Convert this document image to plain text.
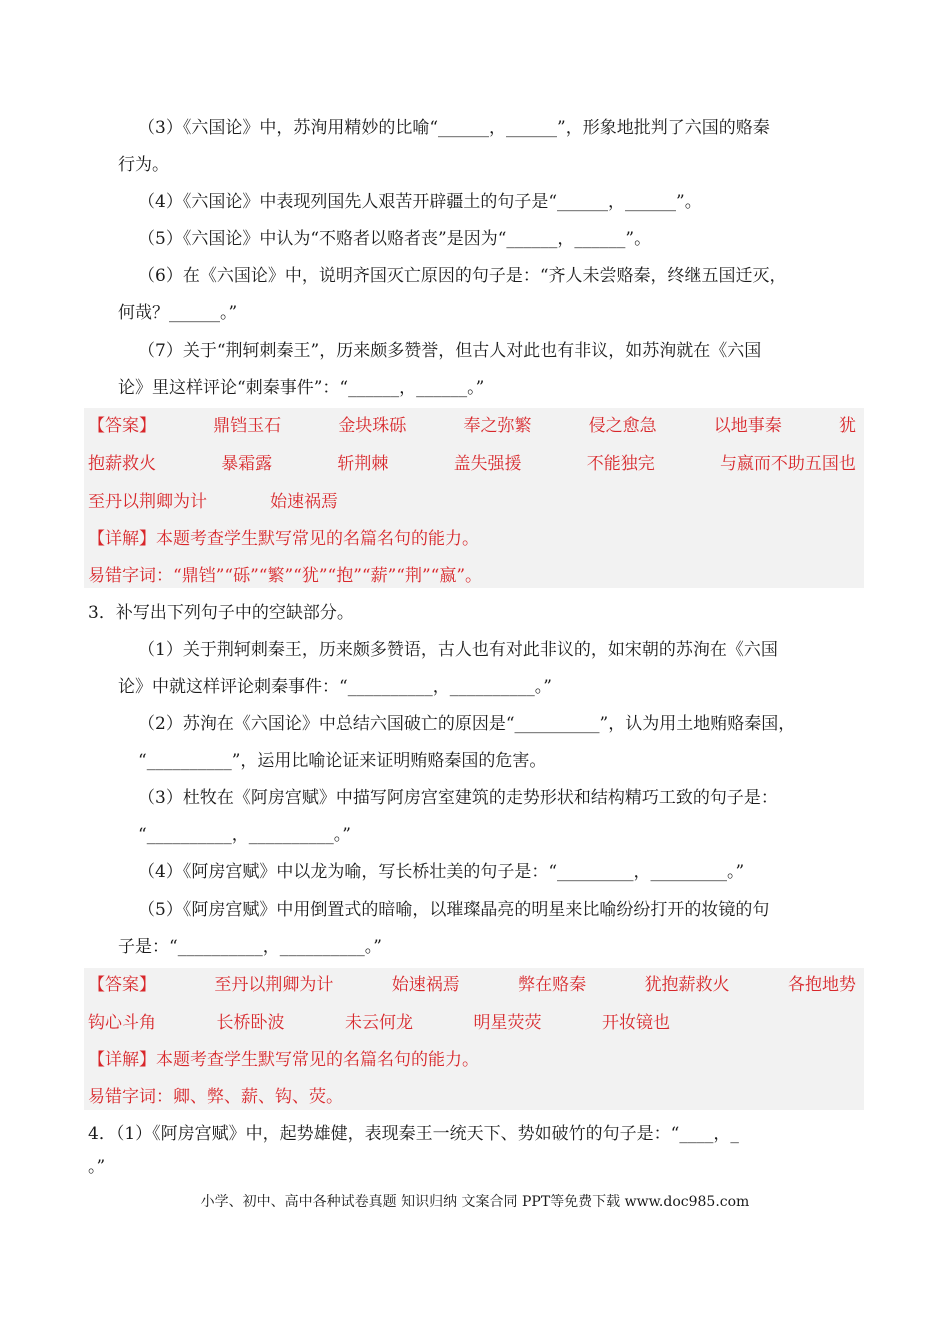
（3）《六国论》中，苏洵用精妙的比喻“______，______”，形象地批判了六国的赂秦
行为。
（4）《六国论》中表现列国先人艰苦开辟疆土的句子是“______，______”。
（5）《六国论》中认为“不赂者以赂者丧”是因为“______，______”。
（6）在《六国论》中，说明齐国灭亡原因的句子是：“齐人未尝赂秦，终继五国迁灭，
何哉？______。”
（7）关于“荆轲刺秦王”，历来颇多赞誉，但古人对此也有非议，如苏洵就在《六国
论》里这样评论“刺秦事件”：“______，______。”
【答案】	鼎铛玉石	金块珠砾	奉之弥繁	侵之愈急	以地事秦	犹
抱薪救火	暴霜露	斩荆棘	盖失强援	不能独完	与嬴而不助五国也
至丹以荆卿为计	始速祸焉
【详解】本题考查学生默写常见的名篇名句的能力。
易错字词：“鼎铛”“砾”“繁”“犹”“抱”“薪”“荆”“嬴”。
3．补写出下列句子中的空缺部分。
（1）关于荆轲刺秦王，历来颇多赞语，古人也有对此非议的，如宋朝的苏洵在《六国
论》中就这样评论刺秦事件：“__________，__________。”
（2）苏洵在《六国论》中总结六国破亡的原因是“__________”，认为用土地贿赂秦国，
“__________”，运用比喻论证来证明贿赂秦国的危害。
（3）杜牧在《阿房宫赋》中描写阿房宫室建筑的走势形状和结构精巧工致的句子是：
“__________，__________。”
（4）《阿房宫赋》中以龙为喻，写长桥壮美的句子是：“_________，_________。”
（5）《阿房宫赋》中用倒置式的暗喻，以璀璨晶亮的明星来比喻纷纷打开的妆镜的句
子是：“__________，__________。”
【答案】	至丹以荆卿为计	始速祸焉	弊在赂秦	犹抱薪救火	各抱地势
钩心斗角	长桥卧波	未云何龙	明星荧荧	开妆镜也
【详解】本题考查学生默写常见的名篇名句的能力。
易错字词：卿、弊、薪、钩、荧。
4．（1）《阿房宫赋》中，起势雄健，表现秦王一统天下、势如破竹的句子是：“____，_
。”
小学、初中、高中各种试卷真题 知识归纳 文案合同 PPT等免费下载 www.doc985.com
